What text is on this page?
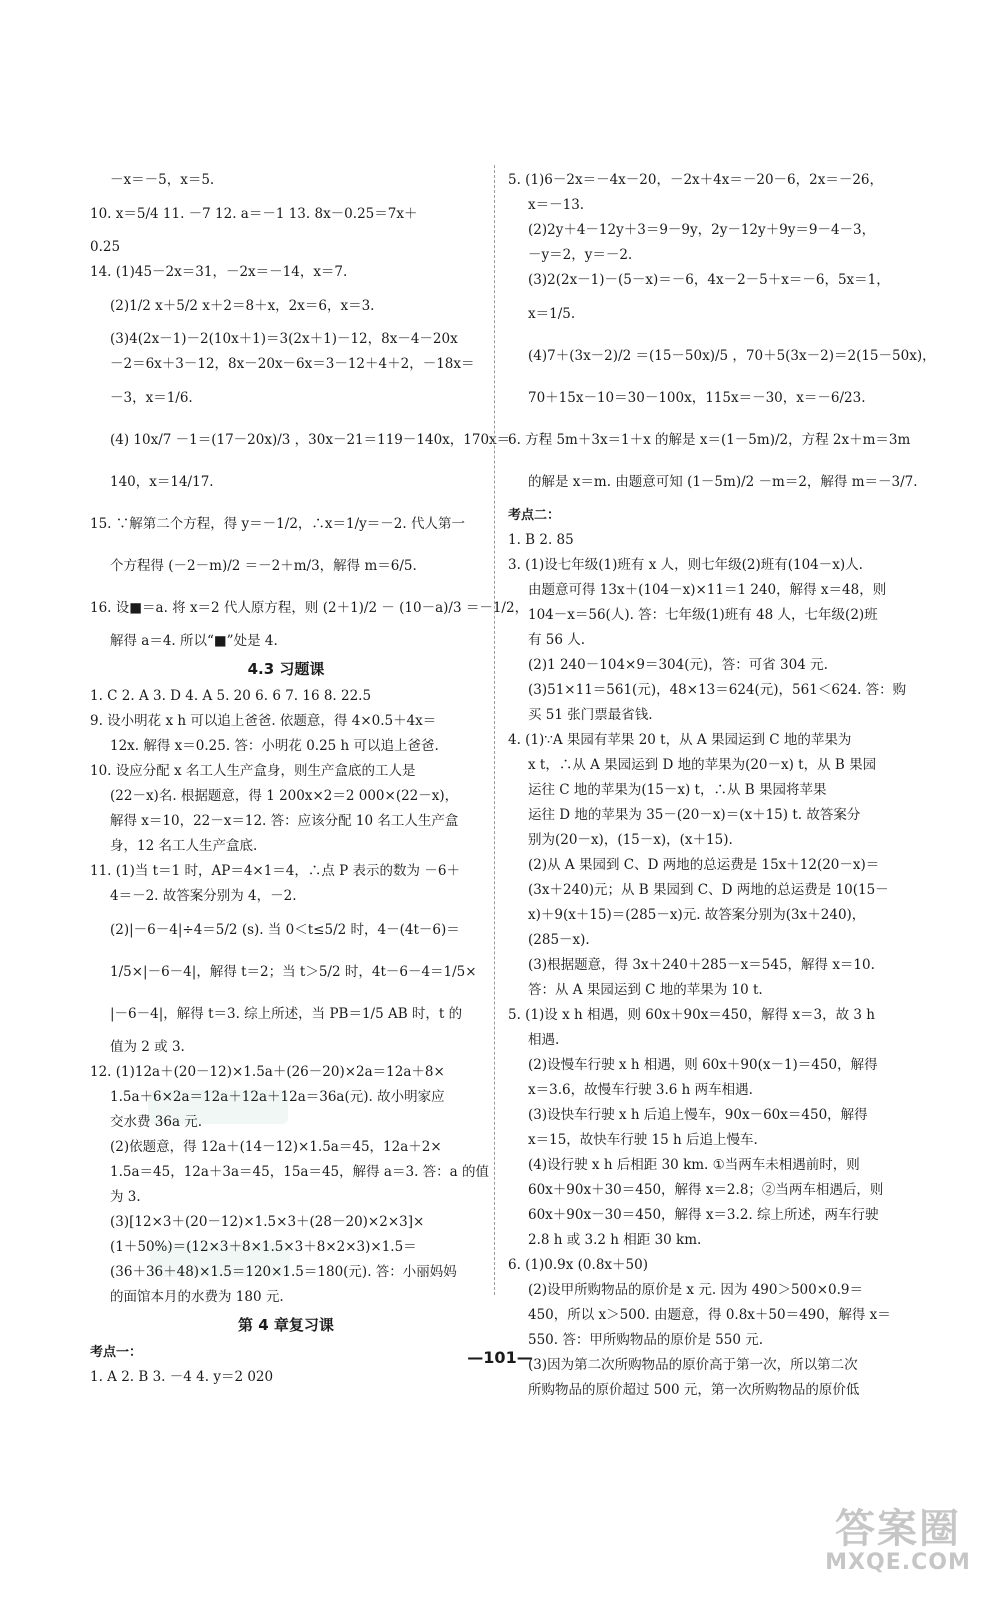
－x＝－5，x＝5.
10. x＝5/4 11. －7 12. a＝－1 13. 8x－0.25＝7x＋
0.25
14. (1)45－2x＝31，－2x＝－14，x＝7.
(2)1/2 x＋5/2 x＋2＝8＋x，2x＝6，x＝3.
(3)4(2x－1)－2(10x＋1)＝3(2x＋1)－12，8x－4－20x
－2＝6x＋3－12，8x－20x－6x＝3－12＋4＋2，－18x＝
－3，x＝1/6.
(4) 10x/7 －1＝(17－20x)/3 ，30x－21＝119－140x，170x＝
140，x＝14/17.
15. ∵解第二个方程，得 y＝－1/2，∴x＝1/y＝－2. 代人第一
个方程得 (－2－m)/2 ＝－2＋m/3，解得 m＝6/5.
16. 设■＝a. 将 x＝2 代人原方程，则 (2＋1)/2 － (10－a)/3 ＝－1/2，
解得 a＝4. 所以“■”处是 4.
4.3 习题课
1. C 2. A 3. D 4. A 5. 20 6. 6 7. 16 8. 22.5
9. 设小明花 x h 可以追上爸爸. 依题意，得 4×0.5＋4x＝
12x. 解得 x＝0.25. 答：小明花 0.25 h 可以追上爸爸.
10. 设应分配 x 名工人生产盒身，则生产盒底的工人是
(22－x)名. 根据题意，得 1 200x×2＝2 000×(22－x)，
解得 x＝10，22－x＝12. 答：应该分配 10 名工人生产盒
身，12 名工人生产盒底.
11. (1)当 t＝1 时，AP＝4×1＝4，∴点 P 表示的数为 －6＋
4＝－2. 故答案分别为 4，－2.
(2)|－6－4|÷4＝5/2 (s). 当 0＜t≤5/2 时，4－(4t－6)＝
1/5×|－6－4|，解得 t＝2；当 t＞5/2 时，4t－6－4＝1/5×
|－6－4|，解得 t＝3. 综上所述，当 PB＝1/5 AB 时，t 的
值为 2 或 3.
12. (1)12a＋(20－12)×1.5a＋(26－20)×2a＝12a＋8×
1.5a＋6×2a＝12a＋12a＋12a＝36a(元). 故小明家应
交水费 36a 元.
(2)依题意，得 12a＋(14－12)×1.5a＝45，12a＋2×
1.5a＝45，12a＋3a＝45，15a＝45，解得 a＝3. 答：a 的值
为 3.
(3)[12×3＋(20－12)×1.5×3＋(28－20)×2×3]×
(1＋50%)＝(12×3＋8×1.5×3＋8×2×3)×1.5＝
(36＋36＋48)×1.5＝120×1.5＝180(元). 答：小丽妈妈
的面馆本月的水费为 180 元.
第 4 章复习课
考点一：
1. A 2. B 3. －4 4. y＝2 020
5. (1)6－2x＝－4x－20，－2x＋4x＝－20－6，2x＝－26，
x＝－13.
(2)2y＋4－12y＋3＝9－9y，2y－12y＋9y＝9－4－3，
－y＝2，y＝－2.
(3)2(2x－1)－(5－x)＝－6，4x－2－5＋x＝－6，5x＝1，
x＝1/5.
(4)7＋(3x－2)/2 ＝(15－50x)/5 ，70＋5(3x－2)＝2(15－50x)，
70＋15x－10＝30－100x，115x＝－30，x＝－6/23.
6. 方程 5m＋3x＝1＋x 的解是 x＝(1－5m)/2，方程 2x＋m＝3m
的解是 x＝m. 由题意可知 (1－5m)/2 －m＝2，解得 m＝－3/7.
考点二：
1. B 2. 85
3. (1)设七年级(1)班有 x 人，则七年级(2)班有(104－x)人.
由题意可得 13x＋(104－x)×11＝1 240，解得 x＝48，则
104－x＝56(人). 答：七年级(1)班有 48 人，七年级(2)班
有 56 人.
(2)1 240－104×9＝304(元)，答：可省 304 元.
(3)51×11＝561(元)，48×13＝624(元)，561＜624. 答：购
买 51 张门票最省钱.
4. (1)∵A 果园有苹果 20 t，从 A 果园运到 C 地的苹果为
x t，∴从 A 果园运到 D 地的苹果为(20－x) t，从 B 果园
运往 C 地的苹果为(15－x) t，∴从 B 果园将苹果
运往 D 地的苹果为 35－(20－x)＝(x＋15) t. 故答案分
别为(20－x)，(15－x)，(x＋15).
(2)从 A 果园到 C、D 两地的总运费是 15x＋12(20－x)＝
(3x＋240)元；从 B 果园到 C、D 两地的总运费是 10(15－
x)＋9(x＋15)＝(285－x)元. 故答案分别为(3x＋240)，
(285－x).
(3)根据题意，得 3x＋240＋285－x＝545，解得 x＝10.
答：从 A 果园运到 C 地的苹果为 10 t.
5. (1)设 x h 相遇，则 60x＋90x＝450，解得 x＝3，故 3 h
相遇.
(2)设慢车行驶 x h 相遇，则 60x＋90(x－1)＝450，解得
x＝3.6，故慢车行驶 3.6 h 两车相遇.
(3)设快车行驶 x h 后追上慢车，90x－60x＝450，解得
x＝15，故快车行驶 15 h 后追上慢车.
(4)设行驶 x h 后相距 30 km. ①当两车未相遇前时，则
60x＋90x＋30＝450，解得 x＝2.8；②当两车相遇后，则
60x＋90x－30＝450，解得 x＝3.2. 综上所述，两车行驶
2.8 h 或 3.2 h 相距 30 km.
6. (1)0.9x (0.8x＋50)
(2)设甲所购物品的原价是 x 元. 因为 490＞500×0.9＝
450，所以 x＞500. 由题意，得 0.8x＋50＝490，解得 x＝
550. 答：甲所购物品的原价是 550 元.
(3)因为第二次所购物品的原价高于第一次，所以第二次
所购物品的原价超过 500 元，第一次所购物品的原价低
—101—
答案圈
MXQE.COM
